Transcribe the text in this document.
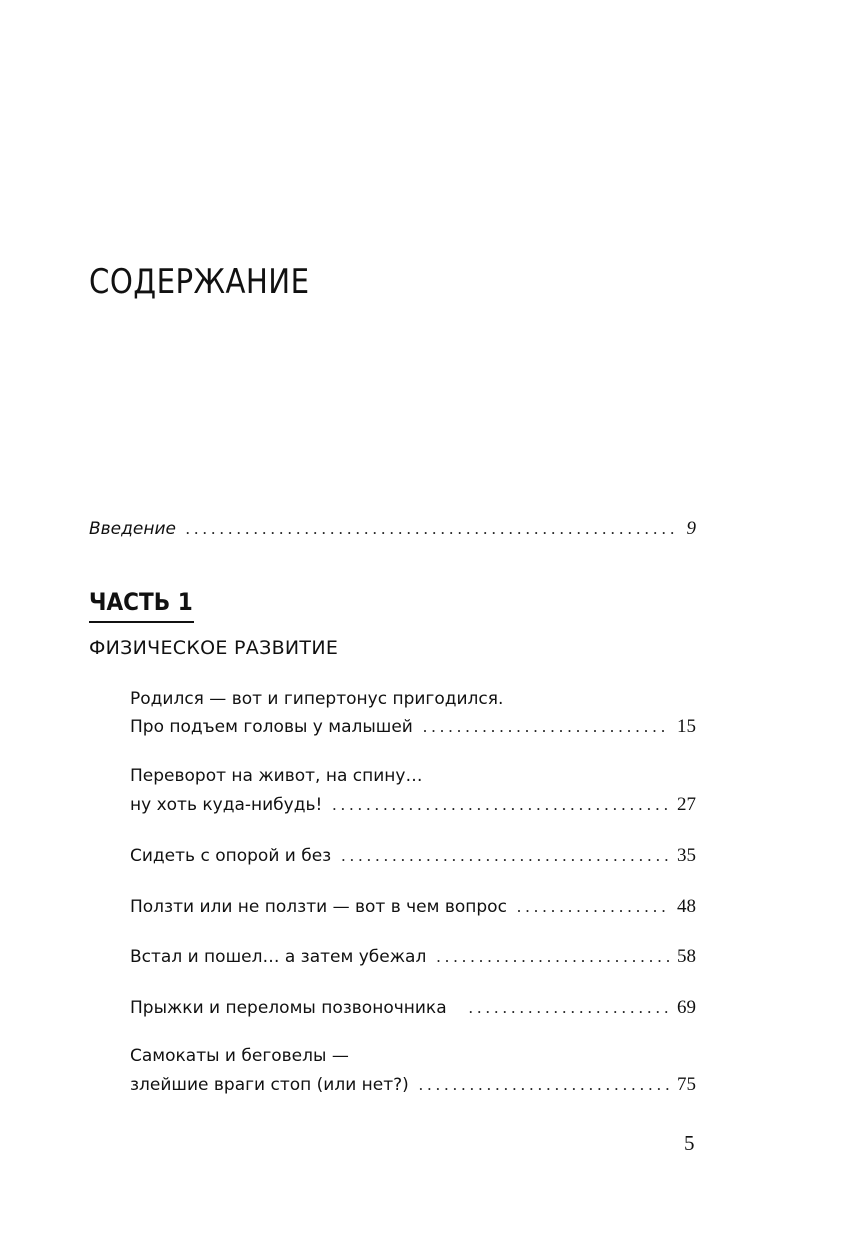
СОДЕРЖАНИЕ
Введение . . .	9
ЧАСТЬ 1
ФИЗИЧЕСКОЕ РАЗВИТИЕ
Родился — вот и гипертонус пригодился.
Про подъем головы у малышей . . .	15
Переворот на живот, на спину…
ну хоть куда-нибудь! . . .	27
Сидеть с опорой и без . . .	35
Ползти или не ползти — вот в чем вопрос . . .	48
Встал и пошел… а затем убежал . . .	58
Прыжки и переломы позвоночника . . .	69
Самокаты и беговелы —
злейшие враги стоп (или нет?) . . .	75
5
